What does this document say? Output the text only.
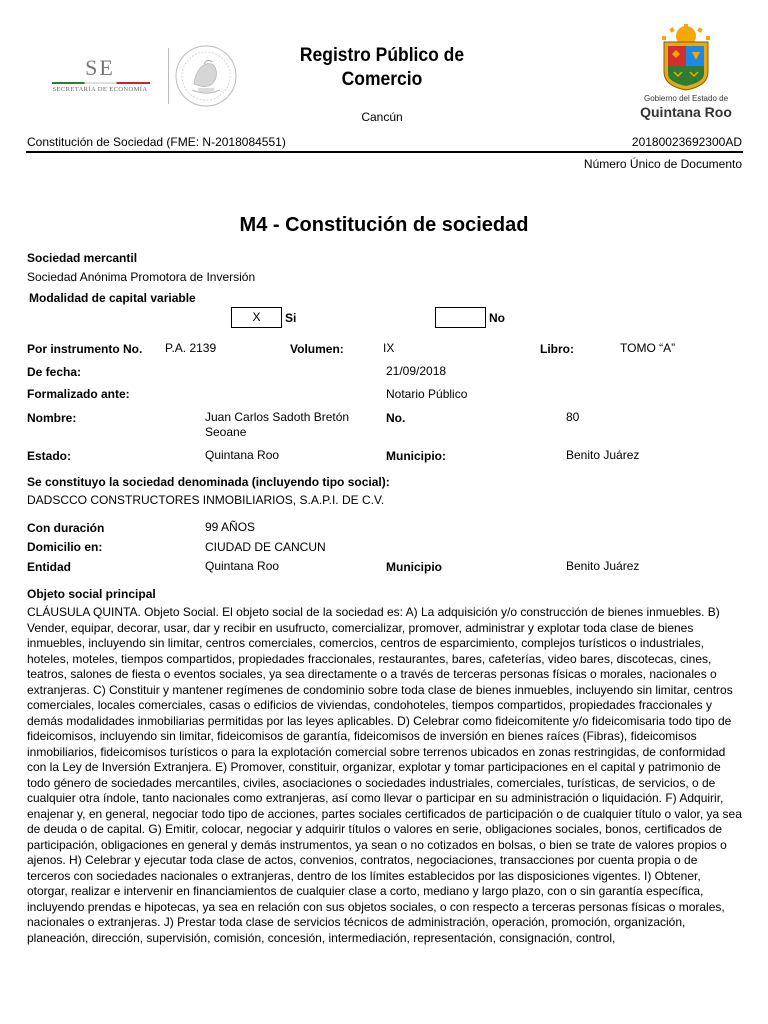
SE
SECRETARÍA DE ECONOMÍA
Registro Público de
Comercio
Cancún
Gobierno del Estado de
Quintana Roo
Constitución de Sociedad (FME: N-2018084551)	20180023692300AD
Número Único de Documento
M4 - Constitución de sociedad
Sociedad mercantil
Sociedad Anónima Promotora de Inversión
Modalidad de capital variable
X	Si	No
Por instrumento No. P.A. 2139	Volumen:	IX	Libro:	TOMO “A”
De fecha:	21/09/2018
Formalizado ante:	Notario Público
Nombre:	Juan Carlos Sadoth Bretón
Seoane
No.	80
Estado:	Quintana Roo	Municipio:	Benito Juárez
Se constituyo la sociedad denominada (incluyendo tipo social):
DADSCCO CONSTRUCTORES INMOBILIARIOS, S.A.P.I. DE C.V.
Con duración	99 AÑOS
Domicilio en:	CIUDAD DE CANCUN
Entidad	Quintana Roo	Municipio	Benito Juárez
Objeto social principal
CLÁUSULA QUINTA. Objeto Social. El objeto social de la sociedad es: A) La adquisición y/o construcción de bienes inmuebles. B) Vender, equipar, decorar, usar, dar y recibir en usufructo, comercializar, promover, administrar y explotar toda clase de bienes inmuebles, incluyendo sin limitar, centros comerciales, comercios, centros de esparcimiento, complejos turísticos o industriales, hoteles, moteles, tiempos compartidos, propiedades fraccionales, restaurantes, bares, cafeterías, video bares, discotecas, cines, teatros, salones de fiesta o eventos sociales, ya sea directamente o a través de terceras personas físicas o morales, nacionales o extranjeras. C) Constituir y mantener regímenes de condominio sobre toda clase de bienes inmuebles, incluyendo sin limitar, centros comerciales, locales comerciales, casas o edificios de viviendas, condohoteles, tiempos compartidos, propiedades fraccionales y demás modalidades inmobiliarias permitidas por las leyes aplicables. D) Celebrar como fideicomitente y/o fideicomisaria todo tipo de fideicomisos, incluyendo sin limitar, fideicomisos de garantía, fideicomisos de inversión en bienes raíces (Fibras), fideicomisos inmobiliarios, fideicomisos turísticos o para la explotación comercial sobre terrenos ubicados en zonas restringidas, de conformidad con la Ley de Inversión Extranjera. E) Promover, constituir, organizar, explotar y tomar participaciones en el capital y patrimonio de todo género de sociedades mercantiles, civiles, asociaciones o sociedades industriales, comerciales, turísticas, de servicios, o de cualquier otra índole, tanto nacionales como extranjeras, así como llevar o participar en su administración o liquidación. F) Adquirir, enajenar y, en general, negociar todo tipo de acciones, partes sociales certificados de participación o de cualquier título o valor, ya sea de deuda o de capital. G) Emitir, colocar, negociar y adquirir títulos o valores en serie, obligaciones sociales, bonos, certificados de participación, obligaciones en general y demás instrumentos, ya sean o no cotizados en bolsas, o bien se trate de valores propios o ajenos. H) Celebrar y ejecutar toda clase de actos, convenios, contratos, negociaciones, transacciones por cuenta propia o de terceros con sociedades nacionales o extranjeras, dentro de los límites establecidos por las disposiciones vigentes. I) Obtener, otorgar, realizar e intervenir en financiamientos de cualquier clase a corto, mediano y largo plazo, con o sin garantía específica, incluyendo prendas e hipotecas, ya sea en relación con sus objetos sociales, o con respecto a terceras personas físicas o morales, nacionales o extranjeras. J) Prestar toda clase de servicios técnicos de administración, operación, promoción, organización, planeación, dirección, supervisión, comisión, concesión, intermediación, representación, consignación, control,
